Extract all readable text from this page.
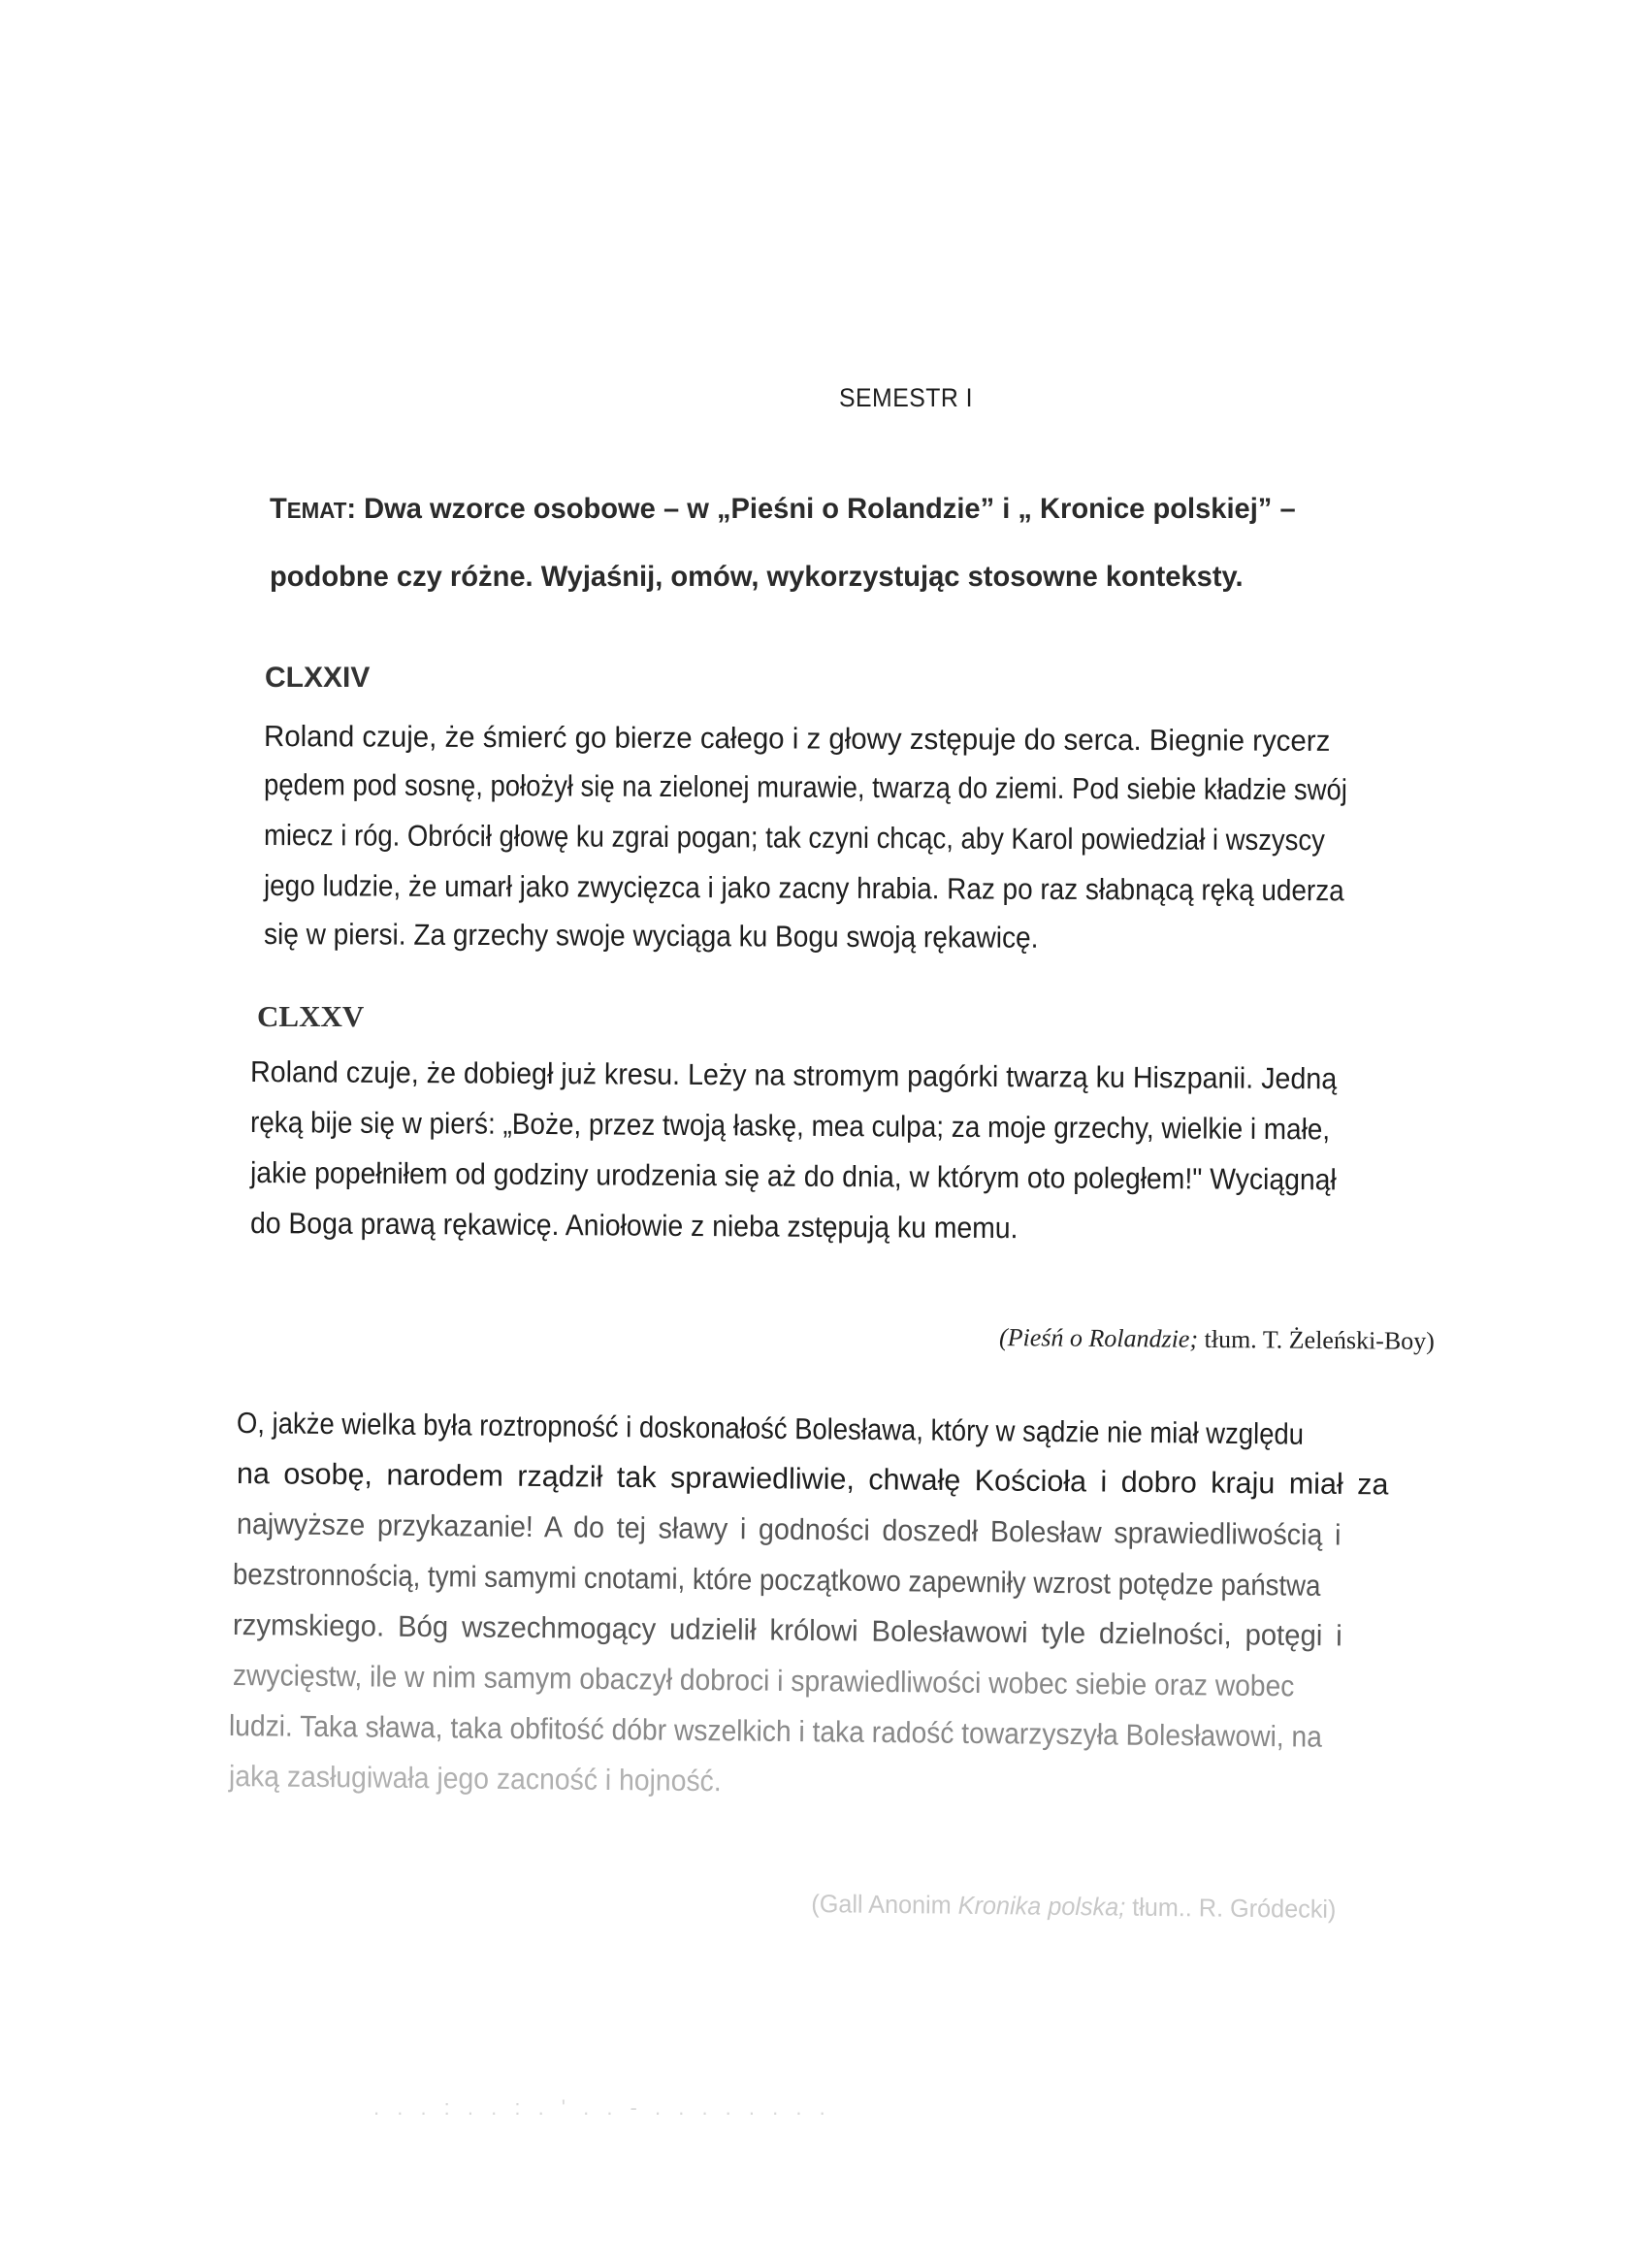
SEMESTR I
TEMAT: Dwa wzorce osobowe – w „Pieśni o Rolandzie” i „ Kronice polskiej” –
podobne czy różne. Wyjaśnij, omów, wykorzystując stosowne konteksty.
CLXXIV
Roland czuje, że śmierć go bierze całego i z głowy zstępuje do serca. Biegnie rycerz
pędem pod sosnę, położył się na zielonej murawie, twarzą do ziemi. Pod siebie kładzie swój
miecz i róg. Obrócił głowę ku zgrai pogan; tak czyni chcąc, aby Karol powiedział i wszyscy
jego ludzie, że umarł jako zwycięzca i jako zacny hrabia. Raz po raz słabnącą ręką uderza
się w piersi. Za grzechy swoje wyciąga ku Bogu swoją rękawicę.
CLXXV
Roland czuje, że dobiegł już kresu. Leży na stromym pagórki twarzą ku Hiszpanii. Jedną
ręką bije się w pierś: „Boże, przez twoją łaskę, mea culpa; za moje grzechy, wielkie i małe,
jakie popełniłem od godziny urodzenia się aż do dnia, w którym oto poległem!" Wyciągnął
do Boga prawą rękawicę. Aniołowie z nieba zstępują ku memu.
(Pieśń o Rolandzie; tłum. T. Żeleński-Boy)
O, jakże wielka była roztropność i doskonałość Bolesława, który w sądzie nie miał względu
na osobę, narodem rządził tak sprawiedliwie, chwałę Kościoła i dobro kraju miał za
najwyższe przykazanie! A do tej sławy i godności doszedł Bolesław sprawiedliwością i
bezstronnością, tymi samymi cnotami, które początkowo zapewniły wzrost potędze państwa
rzymskiego. Bóg wszechmogący udzielił królowi Bolesławowi tyle dzielności, potęgi i
zwycięstw, ile w nim samym obaczył dobroci i sprawiedliwości wobec siebie oraz wobec
ludzi. Taka sława, taka obfitość dóbr wszelkich i taka radość towarzyszyła Bolesławowi, na
jaką zasługiwała jego zacność i hojność.
(Gall Anonim Kronika polska; tłum.. R. Gródecki)
. . . : . . : . ' . . - . . . . . . . .
